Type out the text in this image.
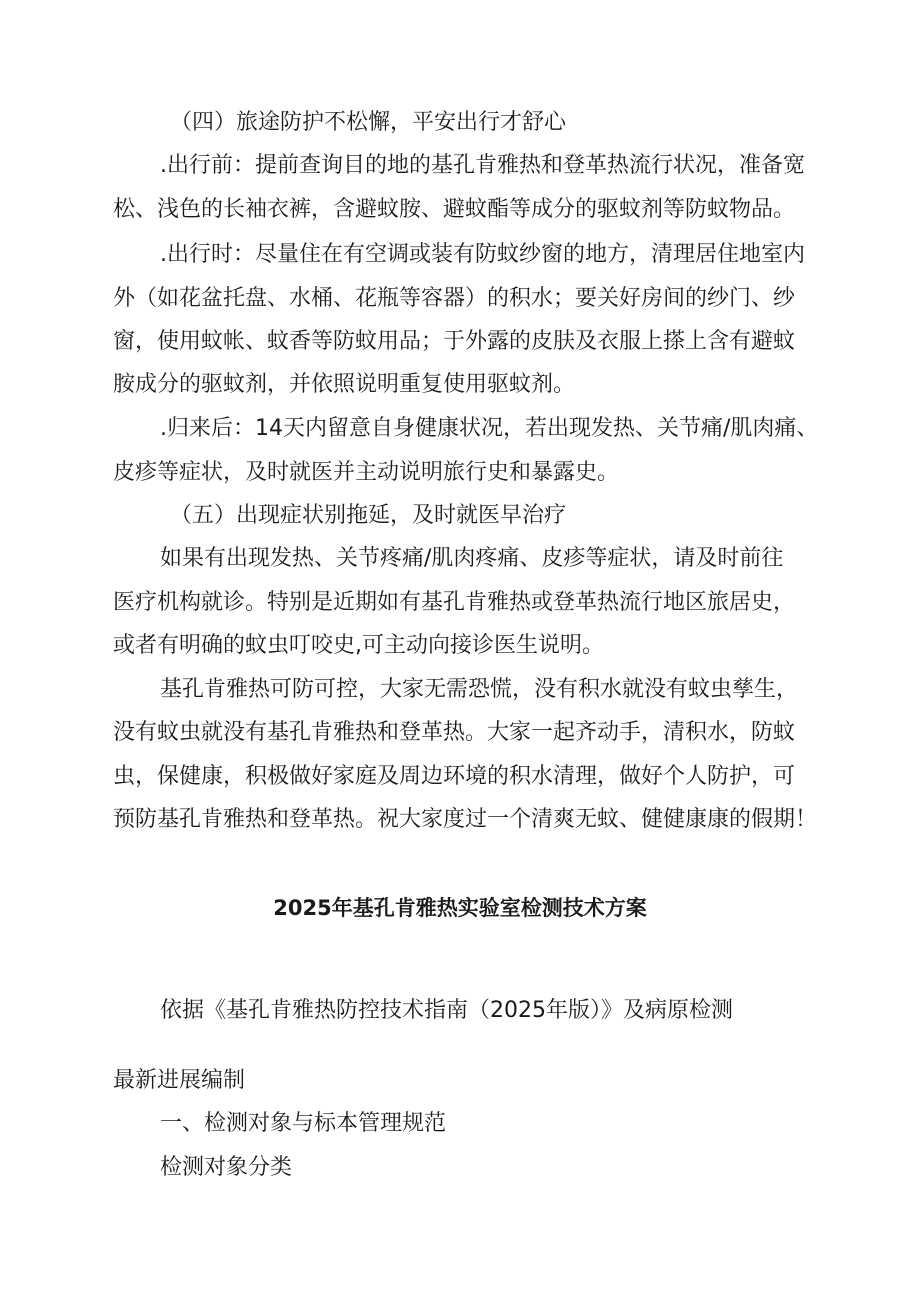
（四）旅途防护不松懈，平安出行才舒心
.出行前：提前查询目的地的基孔肯雅热和登革热流行状况，准备宽
松、浅色的长袖衣裤，含避蚊胺、避蚊酯等成分的驱蚊剂等防蚊物品。
.出行时：尽量住在有空调或装有防蚊纱窗的地方，清理居住地室内
外（如花盆托盘、水桶、花瓶等容器）的积水；要关好房间的纱门、纱
窗，使用蚊帐、蚊香等防蚊用品；于外露的皮肤及衣服上搽上含有避蚊
胺成分的驱蚊剂，并依照说明重复使用驱蚊剂。
.归来后：14天内留意自身健康状况，若出现发热、关节痛/肌肉痛、
皮疹等症状，及时就医并主动说明旅行史和暴露史。
（五）出现症状别拖延，及时就医早治疗
如果有出现发热、关节疼痛/肌肉疼痛、皮疹等症状，请及时前往
医疗机构就诊。特别是近期如有基孔肯雅热或登革热流行地区旅居史，
或者有明确的蚊虫叮咬史,可主动向接诊医生说明。
基孔肯雅热可防可控，大家无需恐慌，没有积水就没有蚊虫孳生，
没有蚊虫就没有基孔肯雅热和登革热。大家一起齐动手，清积水，防蚊
虫，保健康，积极做好家庭及周边环境的积水清理，做好个人防护，可
预防基孔肯雅热和登革热。祝大家度过一个清爽无蚊、健健康康的假期！
2025年基孔肯雅热实验室检测技术方案
依据《基孔肯雅热防控技术指南（2025年版）》及病原检测
最新进展编制
一、检测对象与标本管理规范
检测对象分类
